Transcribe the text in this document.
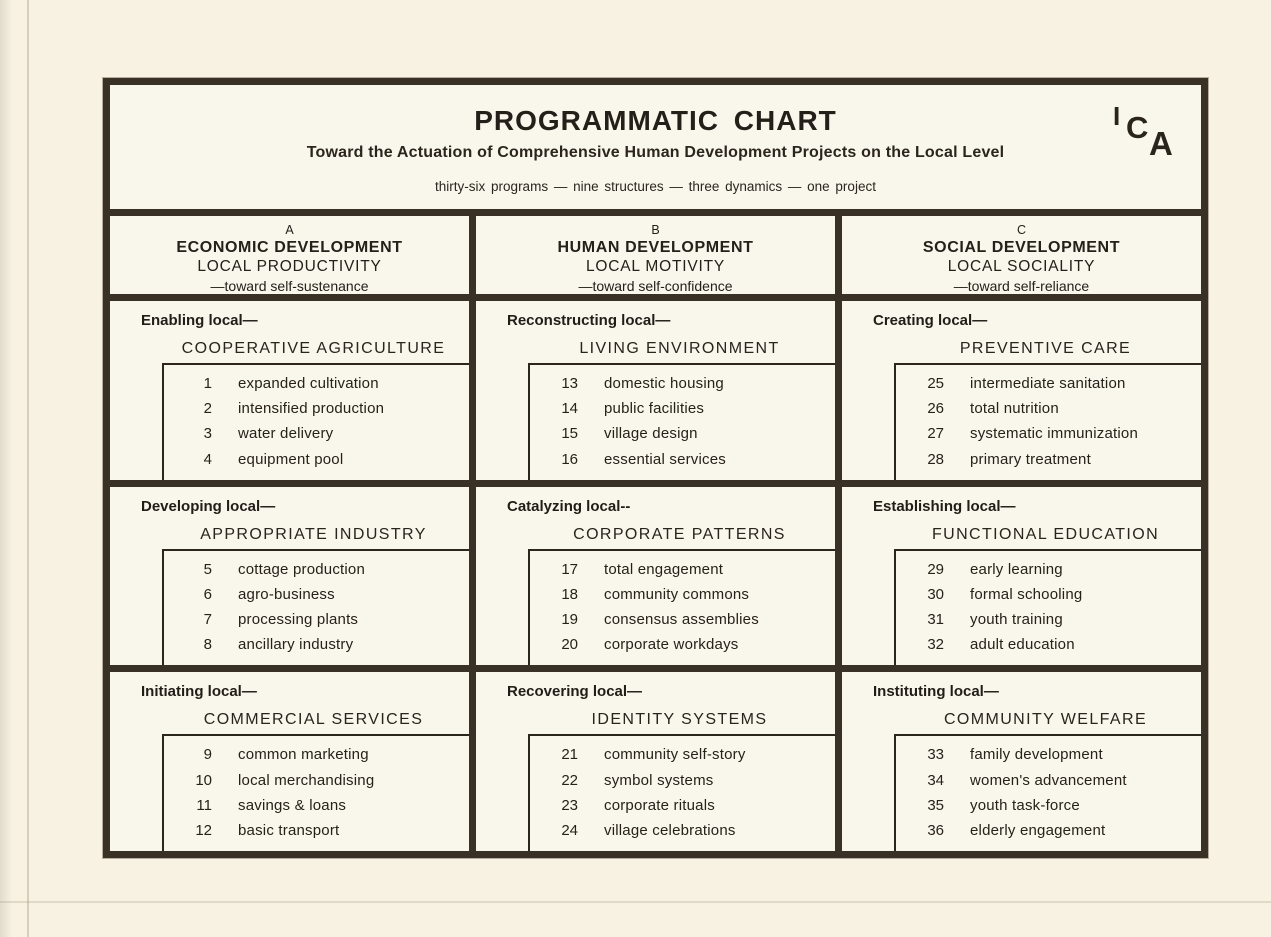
PROGRAMMATIC CHART
Toward the Actuation of Comprehensive Human Development Projects on the Local Level
thirty-six programs — nine structures — three dynamics — one project
I C A
A
ECONOMIC DEVELOPMENT
LOCAL PRODUCTIVITY
—toward self-sustenance
B
HUMAN DEVELOPMENT
LOCAL MOTIVITY
—toward self-confidence
C
SOCIAL DEVELOPMENT
LOCAL SOCIALITY
—toward self-reliance
Enabling local—
COOPERATIVE AGRICULTURE
1 expanded cultivation
2 intensified production
3 water delivery
4 equipment pool
Reconstructing local—
LIVING ENVIRONMENT
13 domestic housing
14 public facilities
15 village design
16 essential services
Creating local—
PREVENTIVE CARE
25 intermediate sanitation
26 total nutrition
27 systematic immunization
28 primary treatment
Developing local—
APPROPRIATE INDUSTRY
5 cottage production
6 agro-business
7 processing plants
8 ancillary industry
Catalyzing local--
CORPORATE PATTERNS
17 total engagement
18 community commons
19 consensus assemblies
20 corporate workdays
Establishing local—
FUNCTIONAL EDUCATION
29 early learning
30 formal schooling
31 youth training
32 adult education
Initiating local—
COMMERCIAL SERVICES
9 common marketing
10 local merchandising
11 savings & loans
12 basic transport
Recovering local—
IDENTITY SYSTEMS
21 community self-story
22 symbol systems
23 corporate rituals
24 village celebrations
Instituting local—
COMMUNITY WELFARE
33 family development
34 women's advancement
35 youth task-force
36 elderly engagement
